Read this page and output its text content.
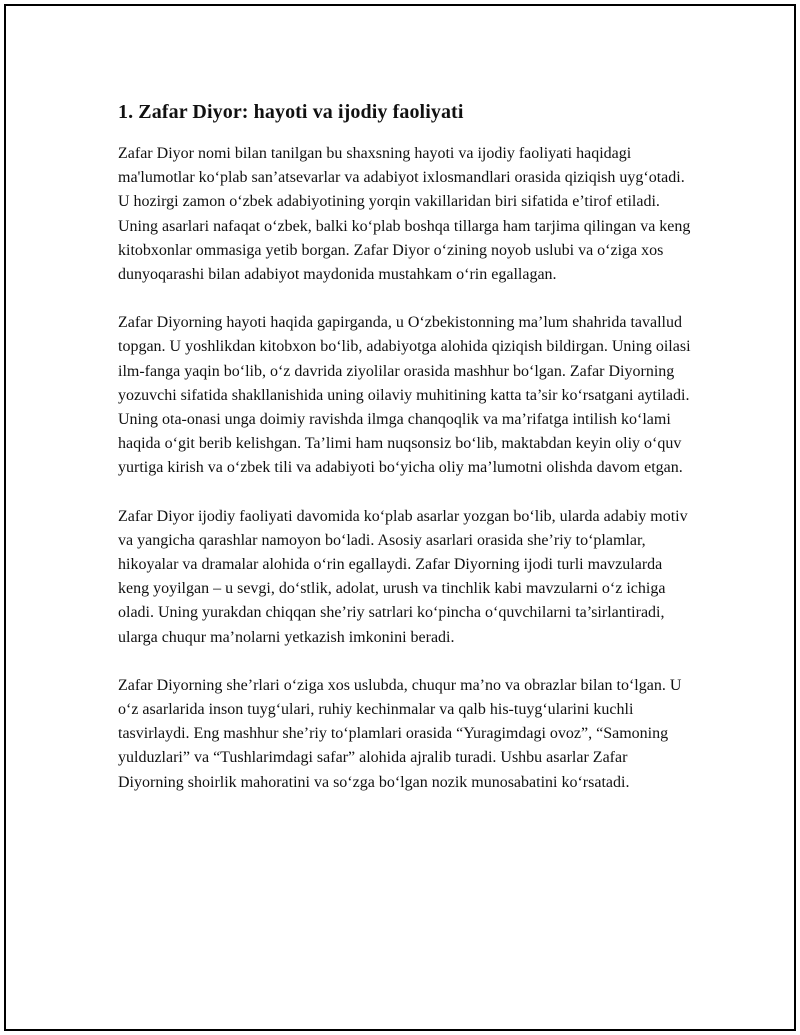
1. Zafar Diyor: hayoti va ijodiy faoliyati

Zafar Diyor nomi bilan tanilgan bu shaxsning hayoti va ijodiy faoliyati haqidagi ma'lumotlar ko‘plab san’atsevarlar va adabiyot ixlosmandlari orasida qiziqish uyg‘otadi. U hozirgi zamon o‘zbek adabiyotining yorqin vakillaridan biri sifatida e’tirof etiladi. Uning asarlari nafaqat o‘zbek, balki ko‘plab boshqa tillarga ham tarjima qilingan va keng kitobxonlar ommasiga yetib borgan. Zafar Diyor o‘zining noyob uslubi va o‘ziga xos dunyoqarashi bilan adabiyot maydonida mustahkam o‘rin egallagan.

Zafar Diyorning hayoti haqida gapirganda, u O‘zbekistonning ma’lum shahrida tavallud topgan. U yoshlikdan kitobxon bo‘lib, adabiyotga alohida qiziqish bildirgan. Uning oilasi ilm-fanga yaqin bo‘lib, o‘z davrida ziyolilar orasida mashhur bo‘lgan. Zafar Diyorning yozuvchi sifatida shakllanishida uning oilaviy muhitining katta ta’sir ko‘rsatgani aytiladi. Uning ota-onasi unga doimiy ravishda ilmga chanqoqlik va ma’rifatga intilish ko‘lami haqida o‘git berib kelishgan. Ta’limi ham nuqsonsiz bo‘lib, maktabdan keyin oliy o‘quv yurtiga kirish va o‘zbek tili va adabiyoti bo‘yicha oliy ma’lumotni olishda davom etgan.

Zafar Diyor ijodiy faoliyati davomida ko‘plab asarlar yozgan bo‘lib, ularda adabiy motiv va yangicha qarashlar namoyon bo‘ladi. Asosiy asarlari orasida she’riy to‘plamlar, hikoyalar va dramalar alohida o‘rin egallaydi. Zafar Diyorning ijodi turli mavzularda keng yoyilgan – u sevgi, do‘stlik, adolat, urush va tinchlik kabi mavzularni o‘z ichiga oladi. Uning yurakdan chiqqan she’riy satrlari ko‘pincha o‘quvchilarni ta’sirlantiradi, ularga chuqur ma’nolarni yetkazish imkonini beradi.

Zafar Diyorning she’rlari o‘ziga xos uslubda, chuqur ma’no va obrazlar bilan to‘lgan. U o‘z asarlarida inson tuyg‘ulari, ruhiy kechinmalar va qalb his-tuyg‘ularini kuchli tasvirlaydi. Eng mashhur she’riy to‘plamlari orasida “Yuragimdagi ovoz”, “Samoning yulduzlari” va “Tushlarimdagi safar” alohida ajralib turadi. Ushbu asarlar Zafar Diyorning shoirlik mahoratini va so‘zga bo‘lgan nozik munosabatini ko‘rsatadi.
